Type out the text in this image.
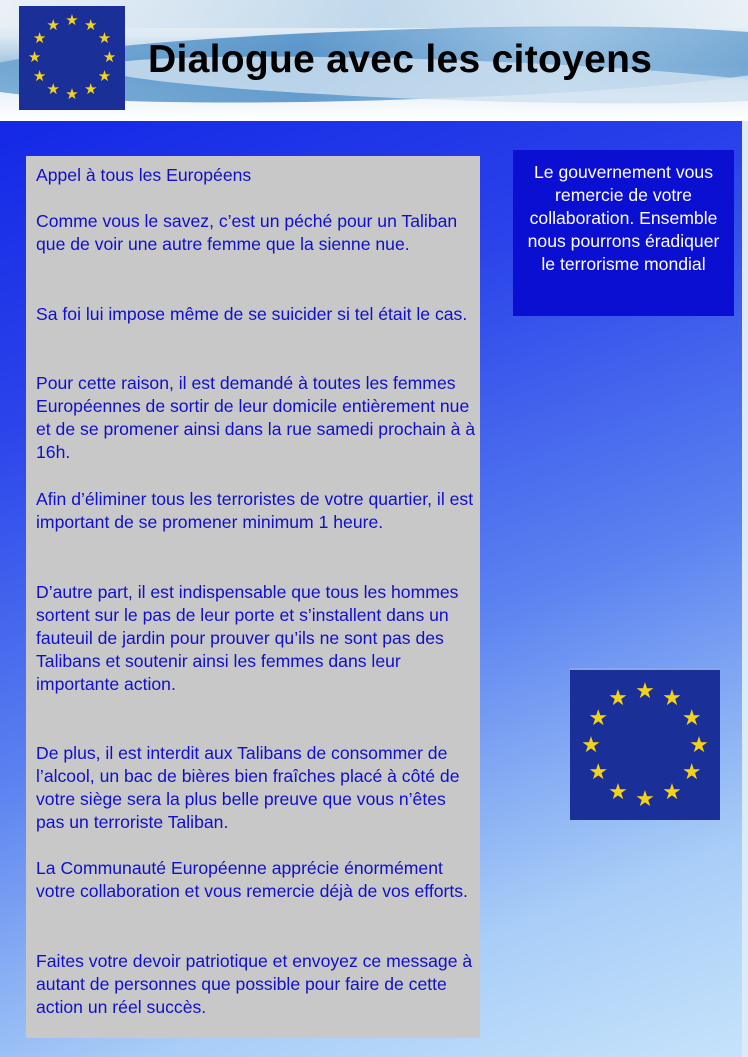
★ ★
★
★
★
★
★
★
★
★
★
★
Dialogue avec les citoyens

Appel à tous les Européens

Comme vous le savez, c’est un péché pour un Taliban que de voir une autre femme que la sienne nue.

Sa foi lui impose même de se suicider si tel était le cas.

Pour cette raison, il est demandé à toutes les femmes Européennes de sortir de leur domicile entièrement nue et de se promener ainsi dans la rue samedi prochain à à 16h.

Afin d’éliminer tous les terroristes de votre quartier, il est important de se promener minimum 1 heure.

D’autre part, il est indispensable que tous les hommes sortent sur le pas de leur porte et s’installent dans un fauteuil de jardin pour prouver qu’ils ne sont pas des Talibans et soutenir ainsi les femmes dans leur importante action.

De plus, il est interdit aux Talibans de consommer de l’alcool, un bac de bières bien fraîches placé à côté de votre siège sera la plus belle preuve que vous n’êtes pas un terroriste Taliban.

La Communauté Européenne apprécie énormément votre collaboration et vous remercie déjà de vos efforts.

Faites votre devoir patriotique et envoyez ce message à autant de personnes que possible pour faire de cette action un réel succès.

Le gouvernement vous remercie de votre collaboration. Ensemble nous pourrons éradiquer le terrorisme mondial
★ ★
★
★
★
★
★
★
★
★
★
★
